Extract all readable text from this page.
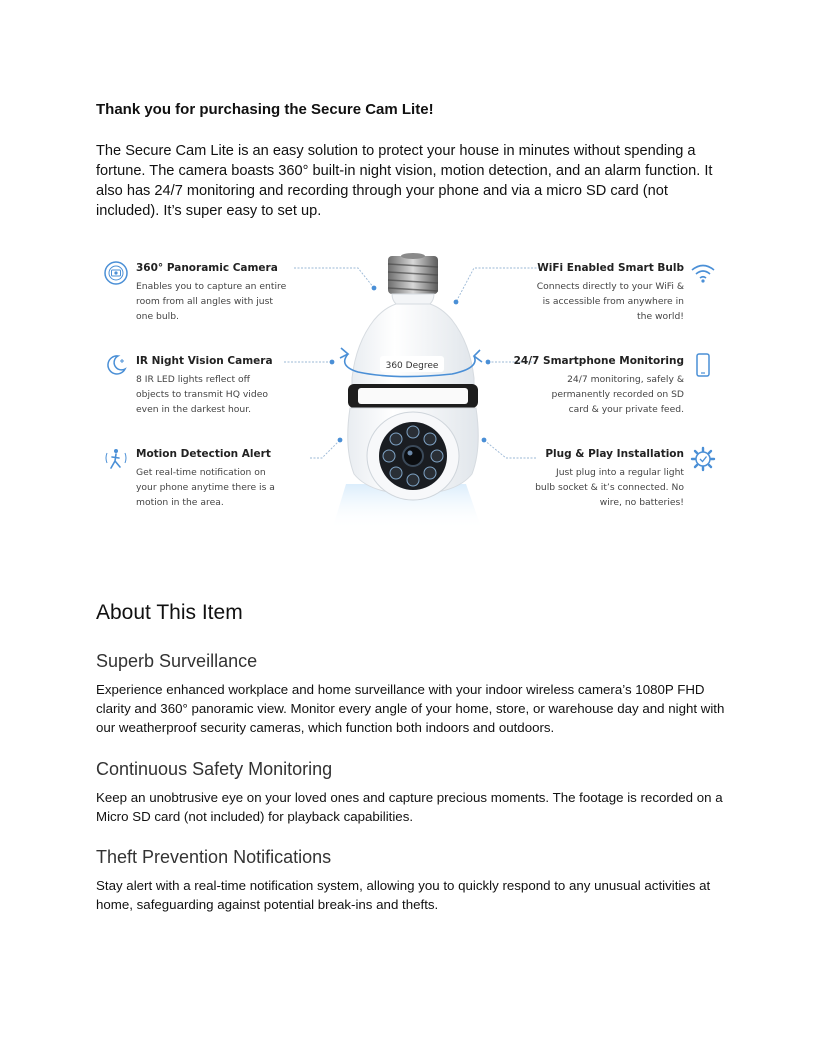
Thank you for purchasing the Secure Cam Lite!
The Secure Cam Lite is an easy solution to protect your house in minutes without spending a fortune. The camera boasts 360° built-in night vision, motion detection, and an alarm function. It also has 24/7 monitoring and recording through your phone and via a micro SD card (not included). It’s super easy to set up.
360 Degree
360° Panoramic Camera
Enables you to capture an entire
room from all angles with just
one bulb.
IR Night Vision Camera
8 IR LED lights reflect off
objects to transmit HQ video
even in the darkest hour.
Motion Detection Alert
Get real-time notification on
your phone anytime there is a
motion in the area.
WiFi Enabled Smart Bulb
Connects directly to your WiFi &
is accessible from anywhere in
the world!
24/7 Smartphone Monitoring
24/7 monitoring, safely &
permanently recorded on SD
card & your private feed.
Plug & Play Installation
Just plug into a regular light
bulb socket & it’s connected. No
wire, no batteries!
About This Item
Superb Surveillance
Experience enhanced workplace and home surveillance with your indoor wireless camera’s 1080P FHD clarity and 360° panoramic view. Monitor every angle of your home, store, or warehouse day and night with our weatherproof security cameras, which function both indoors and outdoors.
Continuous Safety Monitoring
Keep an unobtrusive eye on your loved ones and capture precious moments. The footage is recorded on a Micro SD card (not included) for playback capabilities.
Theft Prevention Notifications
Stay alert with a real-time notification system, allowing you to quickly respond to any unusual activities at home, safeguarding against potential break-ins and thefts.
